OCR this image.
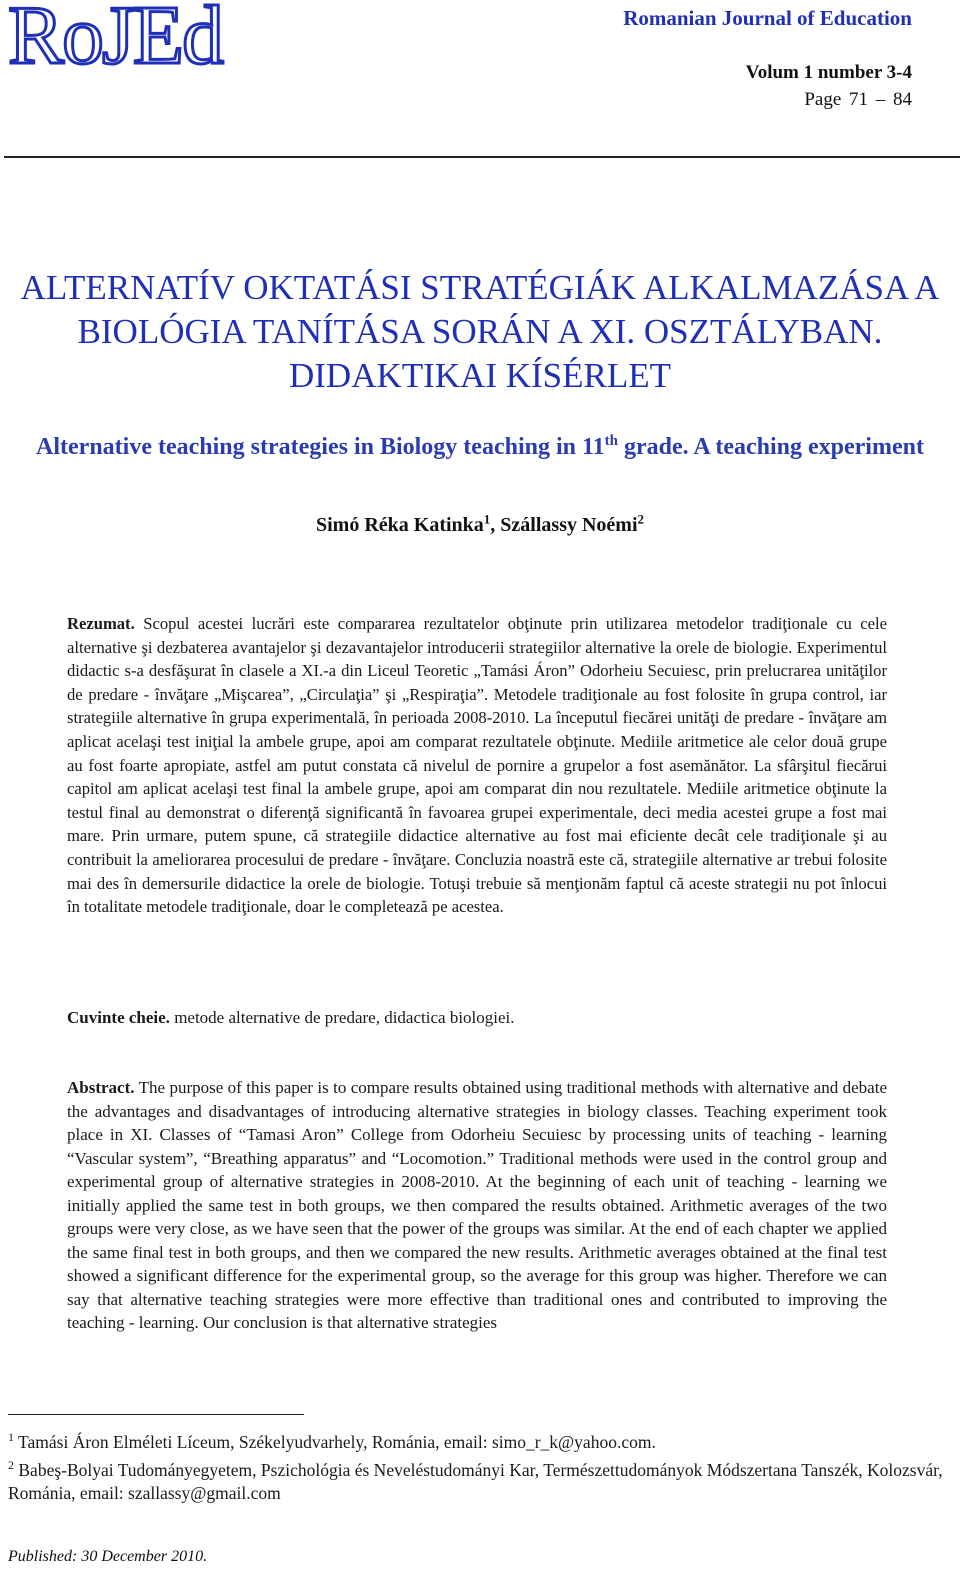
RoJEd	Romanian Journal of Education
Volum 1 number 3-4
Page 71 – 84
ALTERNATÍV OKTATÁSI STRATÉGIÁK ALKALMAZÁSA A BIOLÓGIA TANÍTÁSA SORÁN A XI. OSZTÁLYBAN. DIDAKTIKAI KÍSÉRLET
Alternative teaching strategies in Biology teaching in 11th grade. A teaching experiment
Simó Réka Katinka$^1$, Szállassy Noémi$^2$
Rezumat. Scopul acestei lucrări este compararea rezultatelor obţinute prin utilizarea metodelor tradiţionale cu cele alternative şi dezbaterea avantajelor şi dezavantajelor introducerii strategiilor alternative la orele de biologie. Experimentul didactic s-a desfăşurat în clasele a XI.-a din Liceul Teoretic „Tamási Áron” Odorheiu Secuiesc, prin prelucrarea unităţilor de predare - învăţare „Mişcarea”, „Circulaţia” şi „Respiraţia”. Metodele tradiţionale au fost folosite în grupa control, iar strategiile alternative în grupa experimentală, în perioada 2008-2010. La începutul fiecărei unităţi de predare - învăţare am aplicat acelaşi test iniţial la ambele grupe, apoi am comparat rezultatele obţinute. Mediile aritmetice ale celor două grupe au fost foarte apropiate, astfel am putut constata că nivelul de pornire a grupelor a fost asemănător. La sfârşitul fiecărui capitol am aplicat acelaşi test final la ambele grupe, apoi am comparat din nou rezultatele. Mediile aritmetice obţinute la testul final au demonstrat o diferenţă significantă în favoarea grupei experimentale, deci media acestei grupe a fost mai mare. Prin urmare, putem spune, că strategiile didactice alternative au fost mai eficiente decât cele tradiţionale şi au contribuit la ameliorarea procesului de predare - învăţare. Concluzia noastră este că, strategiile alternative ar trebui folosite mai des în demersurile didactice la orele de biologie. Totuşi trebuie să menţionăm faptul că aceste strategii nu pot înlocui în totalitate metodele tradiţionale, doar le completează pe acestea.
Cuvinte cheie. metode alternative de predare, didactica biologiei.
Abstract. The purpose of this paper is to compare results obtained using traditional methods with alternative and debate the advantages and disadvantages of introducing alternative strategies in biology classes. Teaching experiment took place in XI. Classes of “Tamasi Aron” College from Odorheiu Secuiesc by processing units of teaching - learning “Vascular system”, “Breathing apparatus” and “Locomotion.” Traditional methods were used in the control group and experimental group of alternative strategies in 2008-2010. At the beginning of each unit of teaching - learning we initially applied the same test in both groups, we then compared the results obtained. Arithmetic averages of the two groups were very close, as we have seen that the power of the groups was similar. At the end of each chapter we applied the same final test in both groups, and then we compared the new results. Arithmetic averages obtained at the final test showed a significant difference for the experimental group, so the average for this group was higher. Therefore we can say that alternative teaching strategies were more effective than traditional ones and contributed to improving the teaching - learning. Our conclusion is that alternative strategies
$^1$ Tamási Áron Elméleti Líceum, Székelyudvarhely, Románia, email: simo_r_k@yahoo.com.
$^2$ Babeş-Bolyai Tudományegyetem, Pszichológia és Neveléstudományi Kar, Természettudományok Módszertana Tanszék, Kolozsvár, Románia, email: szallassy@gmail.com
Published: 30 December 2010.
